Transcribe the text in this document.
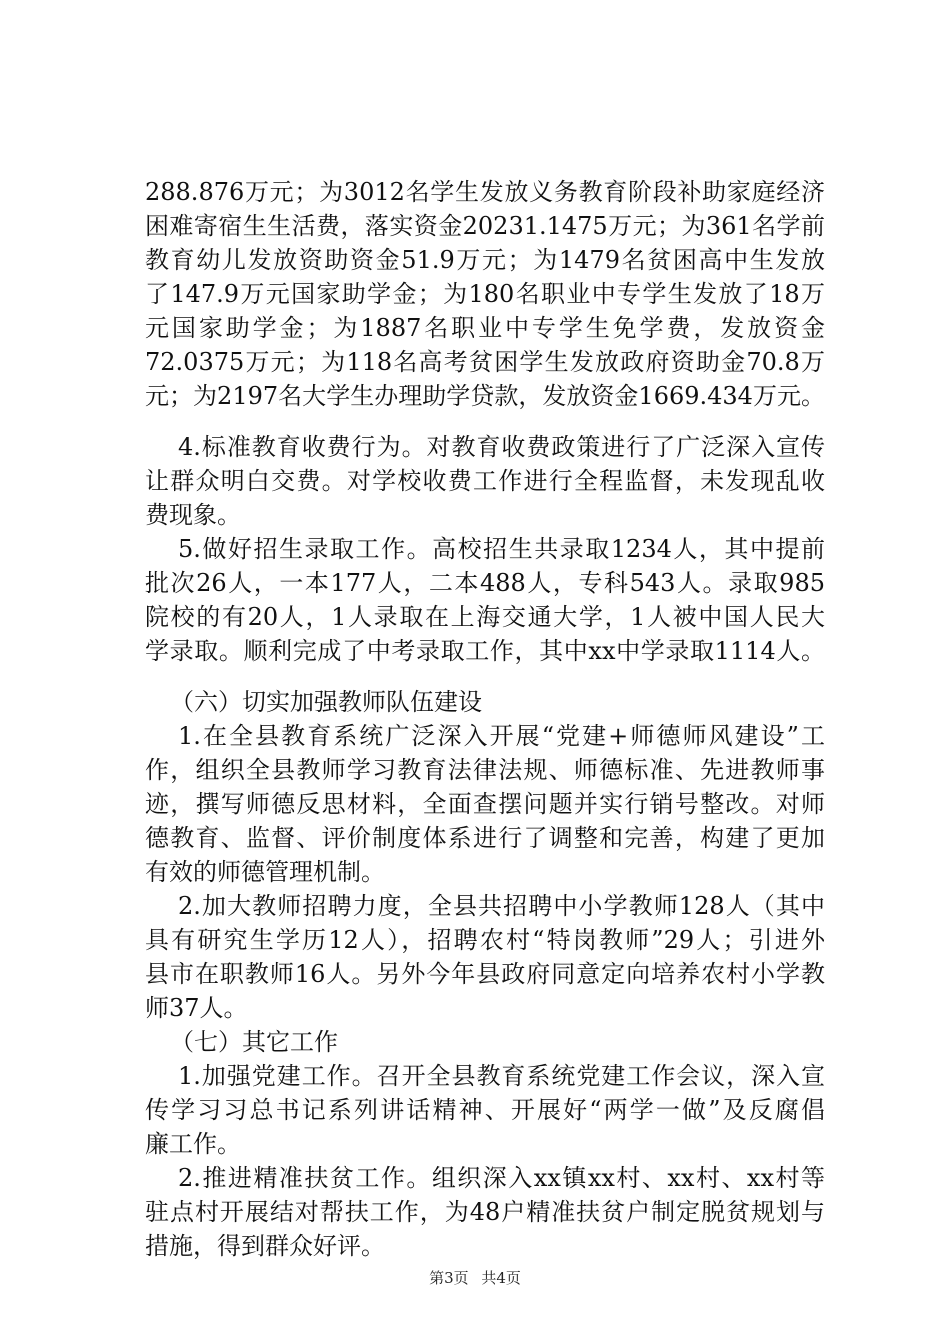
288.876万元；为3012名学生发放义务教育阶段补助家庭经济
困难寄宿生生活费，落实资金20231.1475万元；为361名学前
教育幼儿发放资助资金51.9万元；为1479名贫困高中生发放
了147.9万元国家助学金；为180名职业中专学生发放了18万
元国家助学金；为1887名职业中专学生免学费，发放资金
72.0375万元；为118名高考贫困学生发放政府资助金70.8万
元；为2197名大学生办理助学贷款，发放资金1669.434万元。
4.标准教育收费行为。对教育收费政策进行了广泛深入宣传
让群众明白交费。对学校收费工作进行全程监督，未发现乱收
费现象。
5.做好招生录取工作。高校招生共录取1234人，其中提前
批次26人，一本177人，二本488人，专科543人。录取985
院校的有20人，1人录取在上海交通大学，1人被中国人民大
学录取。顺利完成了中考录取工作，其中xx中学录取1114人。
（六）切实加强教师队伍建设
1.在全县教育系统广泛深入开展“党建+师德师风建设”工
作，组织全县教师学习教育法律法规、师德标准、先进教师事
迹，撰写师德反思材料，全面查摆问题并实行销号整改。对师
德教育、监督、评价制度体系进行了调整和完善，构建了更加
有效的师德管理机制。
2.加大教师招聘力度，全县共招聘中小学教师128人（其中
具有研究生学历12人），招聘农村“特岗教师”29人；引进外
县市在职教师16人。另外今年县政府同意定向培养农村小学教
师37人。
（七）其它工作
1.加强党建工作。召开全县教育系统党建工作会议，深入宣
传学习习总书记系列讲话精神、开展好“两学一做”及反腐倡
廉工作。
2.推进精准扶贫工作。组织深入xx镇xx村、xx村、xx村等
驻点村开展结对帮扶工作，为48户精准扶贫户制定脱贫规划与
措施，得到群众好评。
第3页 共4页
